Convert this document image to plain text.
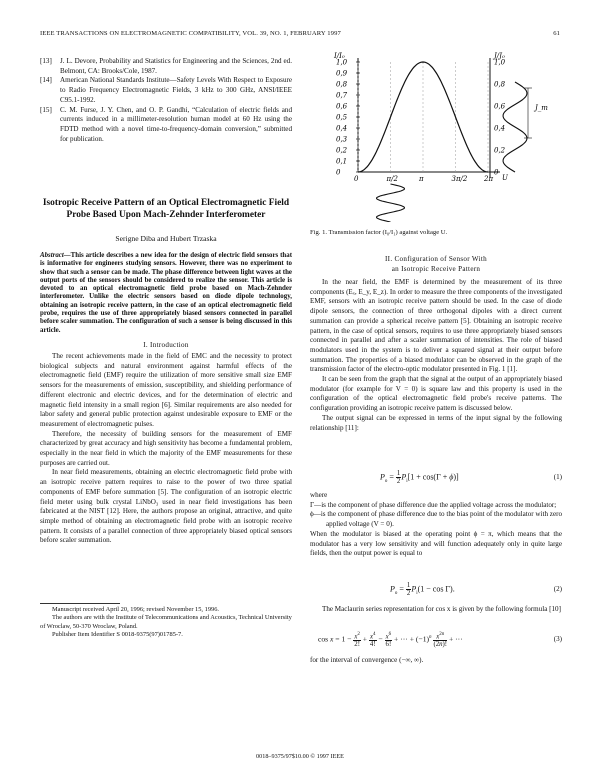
IEEE TRANSACTIONS ON ELECTROMAGNETIC COMPATIBILITY, VOL. 39, NO. 1, FEBRUARY 1997	61
[13] J. L. Devore, Probability and Statistics for Engineering and the Sciences, 2nd ed. Belmont, CA: Brooks/Cole, 1987.
[14] American National Standards Institute—Safety Levels With Respect to Exposure to Radio Frequency Electromagnetic Fields, 3 kHz to 300 GHz, ANSI/IEEE C95.1-1992.
[15] C. M. Furse, J. Y. Chen, and O. P. Gandhi, “Calculation of electric fields and currents induced in a millimeter-resolution human model at 60 Hz using the FDTD method with a novel time-to-frequency-domain conversion,” submitted for publication.
Isotropic Receive Pattern of an Optical Electromagnetic Field Probe Based Upon Mach-Zehnder Interferometer
Serigne Diba and Hubert Trzaska
Abstract—This article describes a new idea for the design of electric field sensors that is informative for engineers studying sensors. However, there was no experiment to show that such a sensor can be made. The phase difference between light waves at the output ports of the sensors should be considered to realize the sensor. This article is devoted to an optical electromagnetic field probe based on Mach-Zehnder interferometer. Unlike the electric sensors based on diode dipole technology, obtaining an isotropic receive pattern, in the case of an optical electromagnetic field probe, requires the use of three appropriately biased sensors connected in parallel before scaler summation. The configuration of such a sensor is being discussed in this article.
I. Introduction

The recent achievements made in the field of EMC and the necessity to protect biological subjects and natural environment against harmful effects of the electromagnetic field (EMF) require the utilization of more sensitive small size EMF sensors for the measurements of emission, susceptibility, and shielding performance of different electronic and electric devices, and for the determination of electric and magnetic field intensity in a small region [6]. Similar requirements are also needed for labor safety and general public protection against undesirable exposure to EMF or the measurement of electromagnetic pulses.

Therefore, the necessity of building sensors for the measurement of EMF characterized by great accuracy and high sensitivity has become a fundamental problem, especially in the near field in which the majority of the EMF measurements for these purposes are carried out.

In near field measurements, obtaining an electric electromagnetic field probe with an isotropic receive pattern requires to raise to the power of two three spatial components of EMF before summation [5]. The configuration of an isotropic electric field meter using bulk crystal LiNbO₃ used in near field investigations has been fabricated at the NIST [12]. Here, the authors propose an original, attractive, and quite simple method of obtaining an electromagnetic field probe with an isotropic receive pattern. It consists of a parallel connection of three appropriately biased optical sensors before scaler summation.

Manuscript received April 20, 1996; revised November 15, 1996.
The authors are with the Institute of Telecommunications and Acoustics, Technical University of Wroclaw, 50-370 Wroclaw, Poland.
Publisher Item Identifier S 0018-9375(97)01785-7.
1,0
0,9
0,8
0,7
0,6
0,5
0,4
0,3
0,2
0,1
0
1,0
0,8
0,6
0,4
0,2
0
I/I₀	J/J₀
J_m
0	π/2	π	3π/2 2π U
Fig. 1. Transmission factor (I₀/I₁) against voltage U.
II. Configuration of Sensor With
an Isotropic Receive Pattern

In the near field, the EMF is determined by the measurement of its three components (Eₓ, E_y, E_z). In order to measure the three components of the investigated EMF, sensors with an isotropic receive pattern should be used. In the case of diode dipole sensors, the connection of three orthogonal dipoles with a direct current summation can provide a spherical receive pattern [5]. Obtaining an isotropic receive pattern, in the case of optical sensors, requires to use three appropriately biased sensors connected in parallel and after a scaler summation of intensities. The role of biased modulators used in the system is to deliver a squared signal at their output before summation. The properties of a biased modulator can be observed in the graph of the transmission factor of the electro-optic modulator presented in Fig. 1 [1].

It can be seen from the graph that the signal at the output of an appropriately biased modulator (for example for V = 0) is square law and this property is used in the configuration of the optical electromagnetic field probe's receive patterns. The configuration providing an isotropic receive pattern is discussed below.

The output signal can be expressed in terms of the input signal by the following relationship [11]:

$P_o = \frac{1}{2} P_i[1 + \cos(\Gamma + \phi)]$	(1)
where
Γ—is the component of phase difference due the applied voltage across the modulator;
ϕ—is the component of phase difference due to the bias point of the modulator with zero applied voltage (V = 0).
When the modulator is biased at the operating point ϕ = π, which means that the modulator has a very low sensitivity and will function adequately only in quite large fields, then the output power is equal to
$P_o = \frac{1}{2} P_i(1 - \cos \Gamma)$.	(2)

The Maclaurin series representation for cos x is given by the following formula [10]

$\cos x = 1 - \frac{x^2}{2!} + \frac{x^4}{4!} - \frac{x^6}{6!}$ + ··· + $(-1)^n \frac{x^{2n}}{(2n)!}$ + ···	(3)
for the interval of convergence (−∞, ∞).
0018–9375/97$10.00 © 1997 IEEE
